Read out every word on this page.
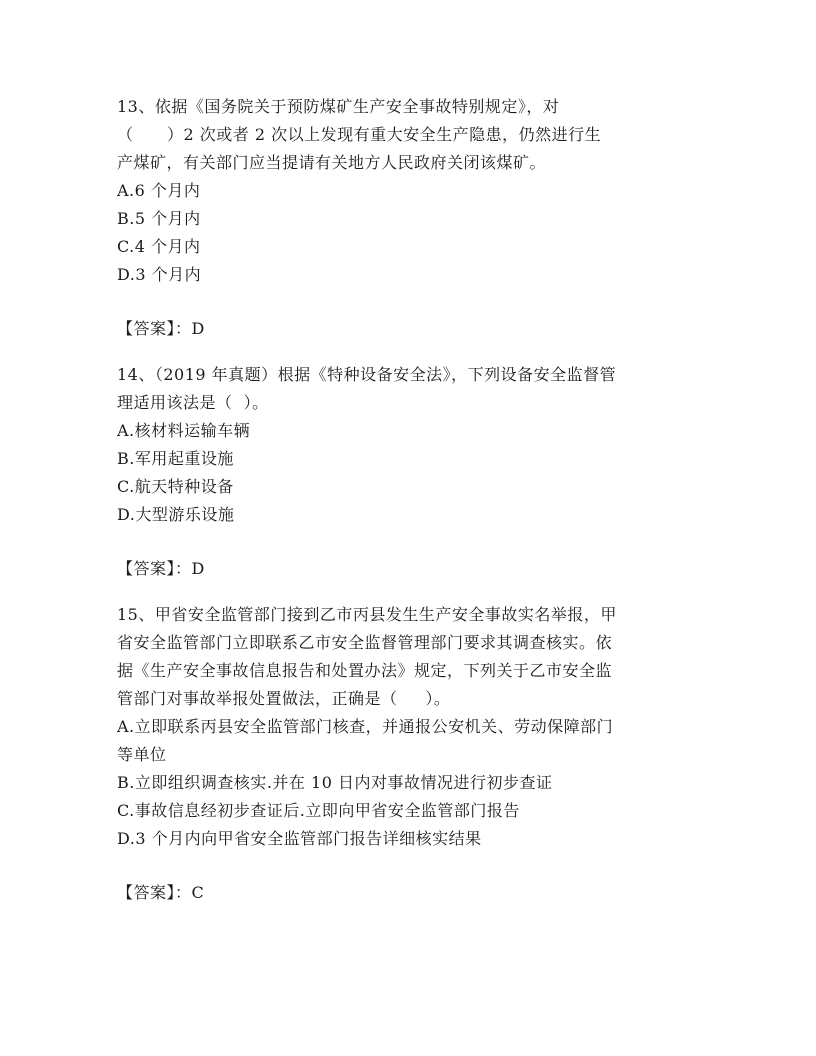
13、依据《国务院关于预防煤矿生产安全事故特别规定》，对
（      ）2 次或者 2 次以上发现有重大安全生产隐患，仍然进行生
产煤矿，有关部门应当提请有关地方人民政府关闭该煤矿。
A.6 个月内
B.5 个月内
C.4 个月内
D.3 个月内
【答案】：D
14、（2019 年真题）根据《特种设备安全法》，下列设备安全监督管
理适用该法是（  ）。
A.核材料运输车辆
B.军用起重设施
C.航天特种设备
D.大型游乐设施
【答案】：D
15、甲省安全监管部门接到乙市丙县发生生产安全事故实名举报，甲
省安全监管部门立即联系乙市安全监督管理部门要求其调查核实。依
据《生产安全事故信息报告和处置办法》规定，下列关于乙市安全监
管部门对事故举报处置做法，正确是（     ）。
A.立即联系丙县安全监管部门核查，并通报公安机关、劳动保障部门
等单位
B.立即组织调查核实.并在 10 日内对事故情况进行初步查证
C.事故信息经初步查证后.立即向甲省安全监管部门报告
D.3 个月内向甲省安全监管部门报告详细核实结果
【答案】：C
